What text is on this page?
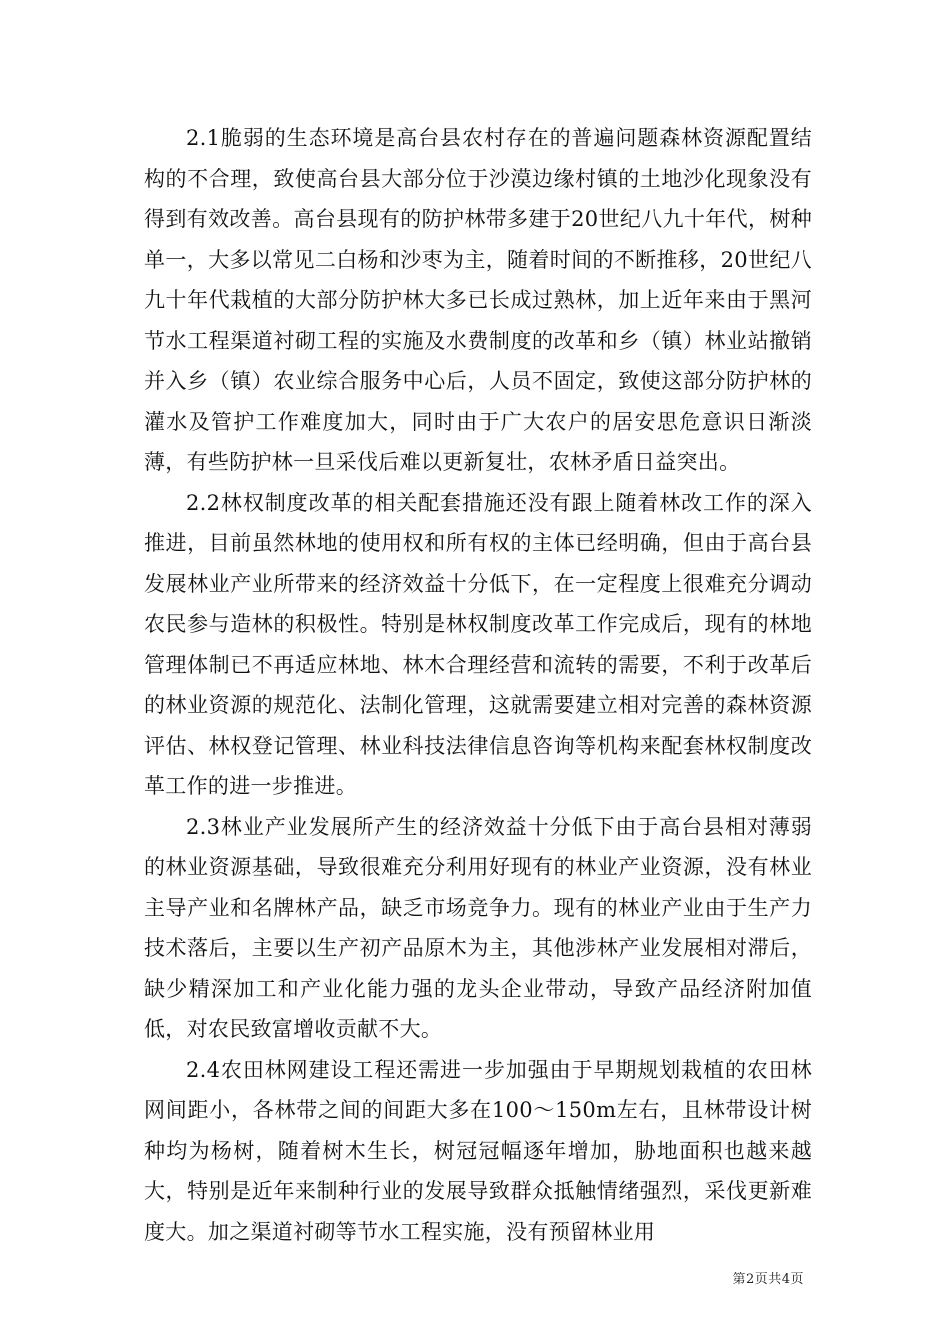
2.1脆弱的生态环境是高台县农村存在的普遍问题森林资源配置结构的不合理，致使高台县大部分位于沙漠边缘村镇的土地沙化现象没有得到有效改善。高台县现有的防护林带多建于20世纪八九十年代，树种单一，大多以常见二白杨和沙枣为主，随着时间的不断推移，20世纪八九十年代栽植的大部分防护林大多已长成过熟林，加上近年来由于黑河节水工程渠道衬砌工程的实施及水费制度的改革和乡（镇）林业站撤销并入乡（镇）农业综合服务中心后，人员不固定，致使这部分防护林的灌水及管护工作难度加大，同时由于广大农户的居安思危意识日渐淡薄，有些防护林一旦采伐后难以更新复壮，农林矛盾日益突出。

2.2林权制度改革的相关配套措施还没有跟上随着林改工作的深入推进，目前虽然林地的使用权和所有权的主体已经明确，但由于高台县发展林业产业所带来的经济效益十分低下，在一定程度上很难充分调动农民参与造林的积极性。特别是林权制度改革工作完成后，现有的林地管理体制已不再适应林地、林木合理经营和流转的需要，不利于改革后的林业资源的规范化、法制化管理，这就需要建立相对完善的森林资源评估、林权登记管理、林业科技法律信息咨询等机构来配套林权制度改革工作的进一步推进。

2.3林业产业发展所产生的经济效益十分低下由于高台县相对薄弱的林业资源基础，导致很难充分利用好现有的林业产业资源，没有林业主导产业和名牌林产品，缺乏市场竞争力。现有的林业产业由于生产力技术落后，主要以生产初产品原木为主，其他涉林产业发展相对滞后，缺少精深加工和产业化能力强的龙头企业带动，导致产品经济附加值低，对农民致富增收贡献不大。

2.4农田林网建设工程还需进一步加强由于早期规划栽植的农田林网间距小，各林带之间的间距大多在100～150m左右，且林带设计树种均为杨树，随着树木生长，树冠冠幅逐年增加，胁地面积也越来越大，特别是近年来制种行业的发展导致群众抵触情绪强烈，采伐更新难度大。加之渠道衬砌等节水工程实施，没有预留林业用

第2页共4页
